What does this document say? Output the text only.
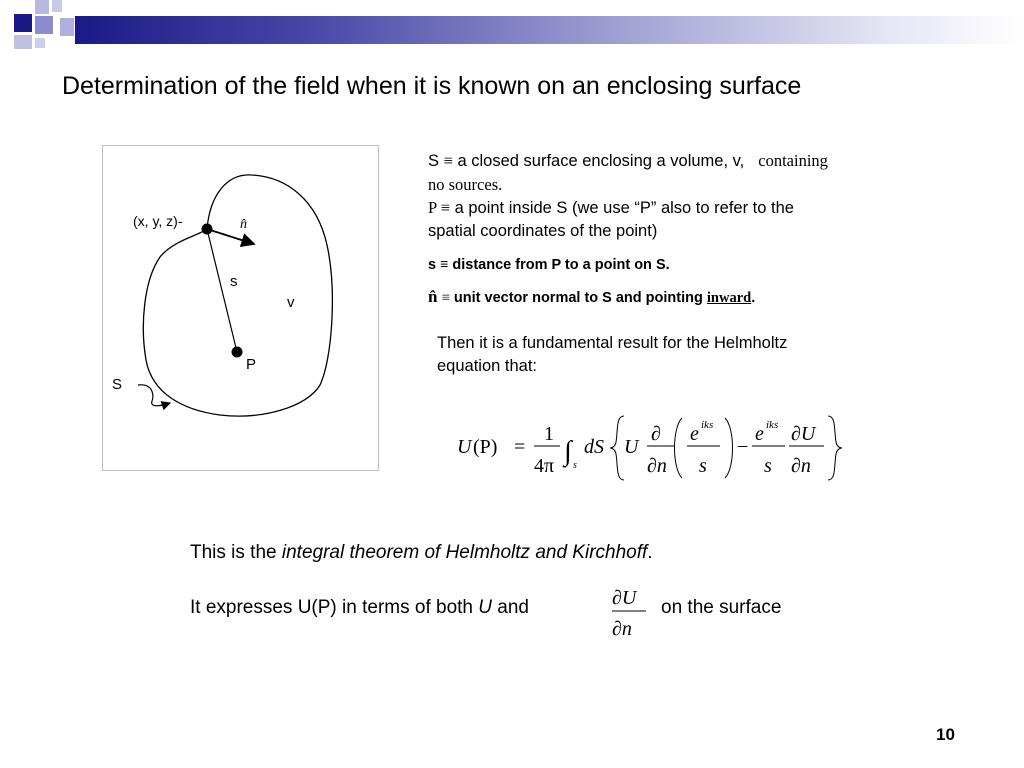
Determination of the field when it is known on an enclosing surface
(x, y, z)-	n̂
s
v
P
S
S ≡ a closed surface enclosing a volume, v, containing
no sources.
P ≡ a point inside S (we use “P” also to refer to the
spatial coordinates of the point)
s ≡ distance from P to a point on S.
n̂ ≡ unit vector normal to S and pointing inward.
Then it is a fundamental result for the Helmholtz
equation that:
U (P) =
1
4π ∫ s
dS U
∂
∂n
e iks
s
−
e iks
s
∂U
∂n
This is the integral theorem of Helmholtz and Kirchhoff.
It expresses U(P) in terms of both U and	∂U
∂n
on the surface
10
